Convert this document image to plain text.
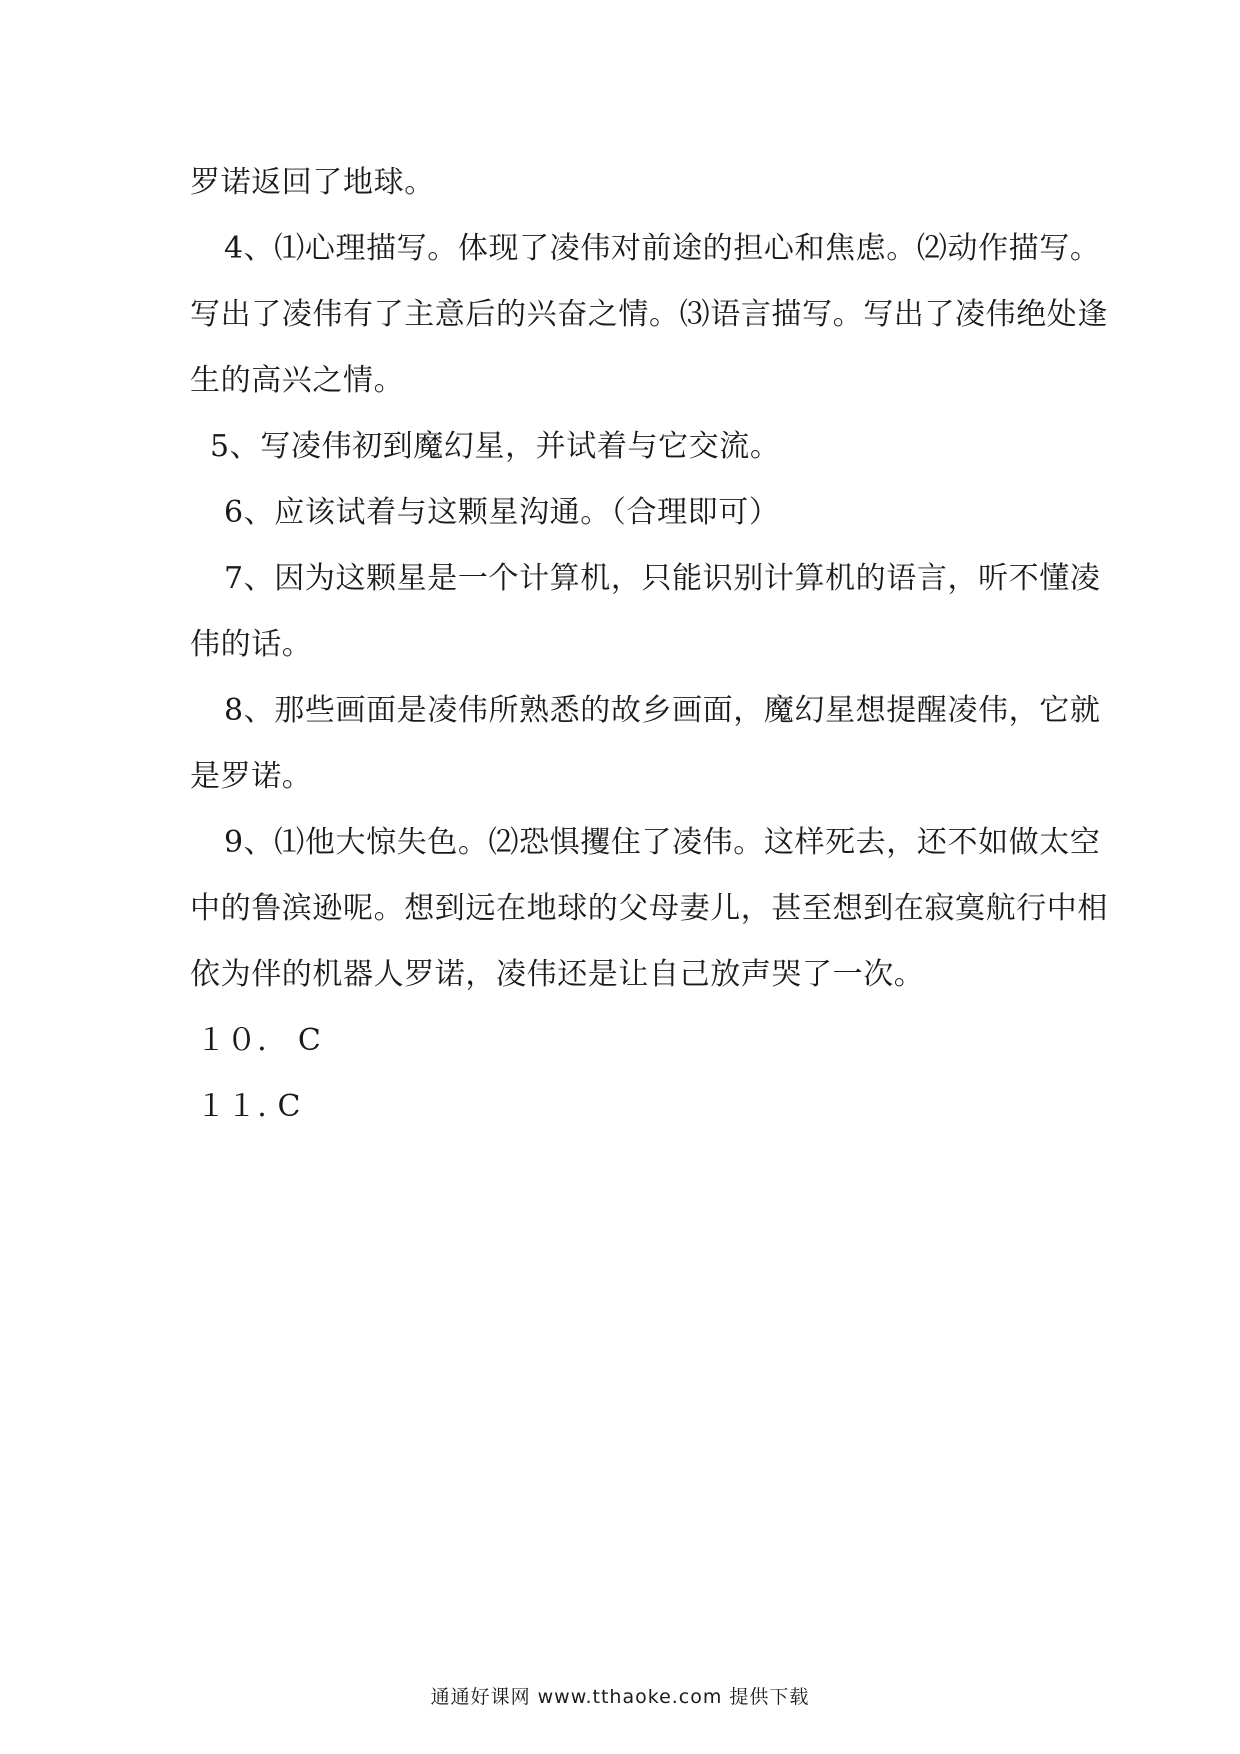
罗诺返回了地球。
4、⑴心理描写。体现了凌伟对前途的担心和焦虑。⑵动作描写。
写出了凌伟有了主意后的兴奋之情。⑶语言描写。写出了凌伟绝处逢
生的高兴之情。
5、写凌伟初到魔幻星，并试着与它交流。
6、应该试着与这颗星沟通。（合理即可）
7、因为这颗星是一个计算机，只能识别计算机的语言，听不懂凌
伟的话。
8、那些画面是凌伟所熟悉的故乡画面，魔幻星想提醒凌伟，它就
是罗诺。
9、⑴他大惊失色。⑵恐惧攫住了凌伟。这样死去，还不如做太空
中的鲁滨逊呢。想到远在地球的父母妻儿，甚至想到在寂寞航行中相
依为伴的机器人罗诺，凌伟还是让自己放声哭了一次。
１０． C
１１. C
通通好课网 www.tthaoke.com 提供下载
